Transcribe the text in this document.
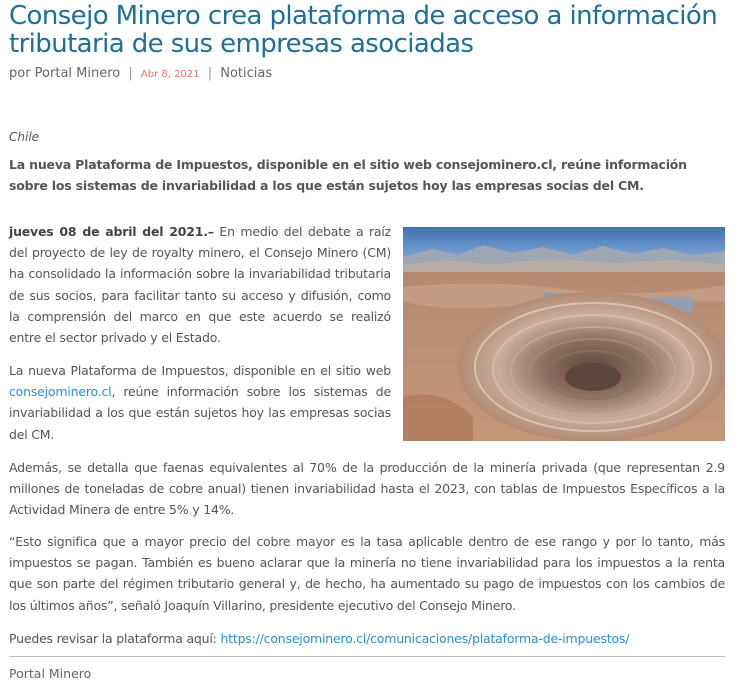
Consejo Minero crea plataforma de acceso a información tributaria de sus empresas asociadas
por Portal Minero | Abr 8, 2021 | Noticias
Chile
La nueva Plataforma de Impuestos, disponible en el sitio web consejominero.cl, reúne información sobre los sistemas de invariabilidad a los que están sujetos hoy las empresas socias del CM.

jueves 08 de abril del 2021.– En medio del debate a raíz del proyecto de ley de royalty minero, el Consejo Minero (CM) ha consolidado la información sobre la invariabilidad tributaria de sus socios, para facilitar tanto su acceso y difusión, como la comprensión del marco en que este acuerdo se realizó entre el sector privado y el Estado.

La nueva Plataforma de Impuestos, disponible en el sitio web consejominero.cl, reúne información sobre los sistemas de invariabilidad a los que están sujetos hoy las empresas socias del CM.

Además, se detalla que faenas equivalentes al 70% de la producción de la minería privada (que representan 2.9 millones de toneladas de cobre anual) tienen invariabilidad hasta el 2023, con tablas de Impuestos Específicos a la Actividad Minera de entre 5% y 14%.

“Esto significa que a mayor precio del cobre mayor es la tasa aplicable dentro de ese rango y por lo tanto, más impuestos se pagan. También es bueno aclarar que la minería no tiene invariabilidad para los impuestos a la renta que son parte del régimen tributario general y, de hecho, ha aumentado su pago de impuestos con los cambios de los últimos años”, señaló Joaquín Villarino, presidente ejecutivo del Consejo Minero.

Puedes revisar la plataforma aquí: https://consejominero.cl/comunicaciones/plataforma-de-impuestos/

Portal Minero
